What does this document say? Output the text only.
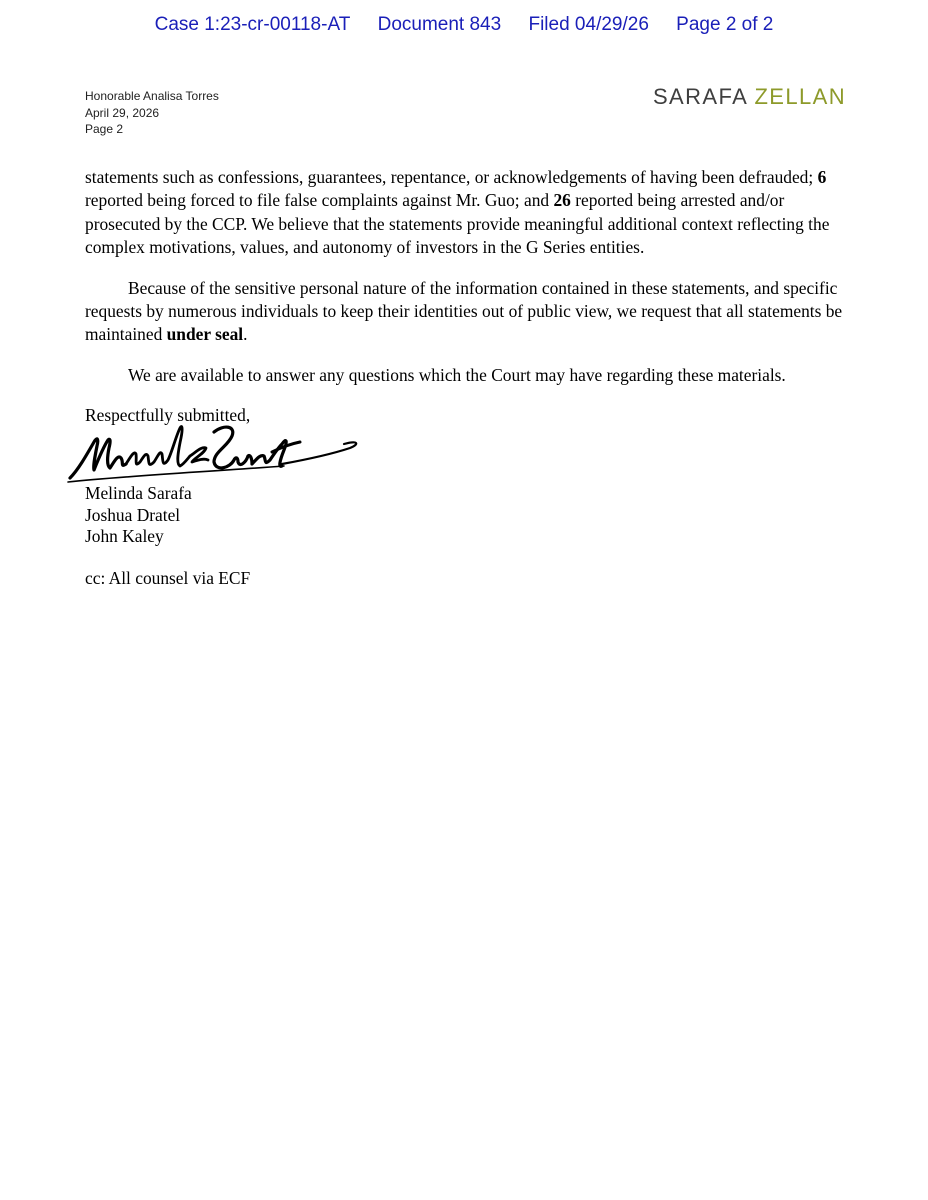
Case 1:23-cr-00118-AT Document 843 Filed 04/29/26 Page 2 of 2
Honorable Analisa Torres
April 29, 2026
Page 2
SARAFA ZELLAN

statements such as confessions, guarantees, repentance, or acknowledgements of having been defrauded; 6 reported being forced to file false complaints against Mr. Guo; and 26 reported being arrested and/or prosecuted by the CCP. We believe that the statements provide meaningful additional context reflecting the complex motivations, values, and autonomy of investors in the G Series entities.

Because of the sensitive personal nature of the information contained in these statements, and specific requests by numerous individuals to keep their identities out of public view, we request that all statements be maintained under seal.

We are available to answer any questions which the Court may have regarding these materials.

Respectfully submitted,

Melinda Sarafa
Joshua Dratel
John Kaley
cc: All counsel via ECF
